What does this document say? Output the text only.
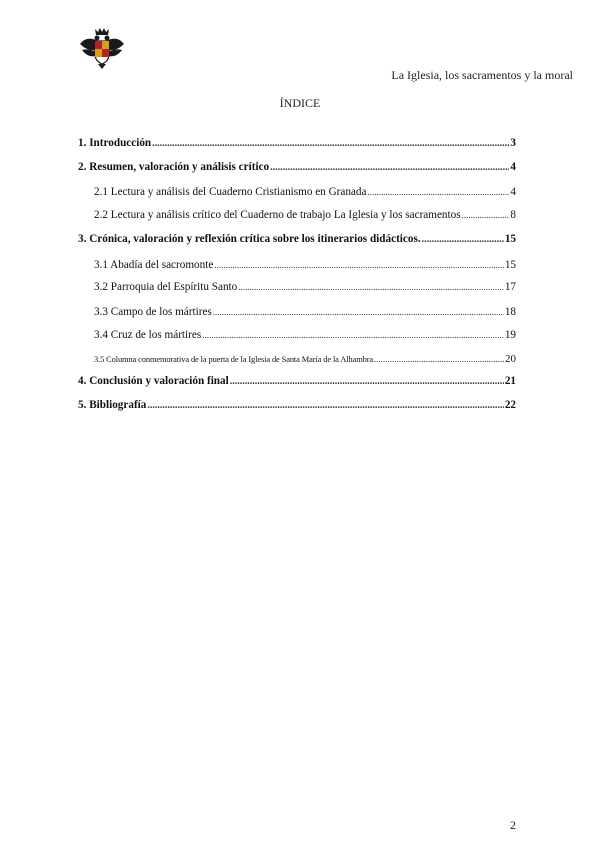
La Iglesia, los sacramentos y la moral
ÍNDICE
1. Introducción .....	3
2. Resumen, valoración y análisis crítico .....	4
2.1 Lectura y análisis del Cuaderno Cristianismo en Granada .....	4
2.2 Lectura y análisis crítico del Cuaderno de trabajo La Iglesia y los sacramentos .....	8
3. Crónica, valoración y reflexión crítica sobre los itinerarios didácticos. .....	15
3.1 Abadía del sacromonte .....	15
3.2 Parroquia del Espíritu Santo .....	17
3.3 Campo de los mártires .....	18
3.4 Cruz de los mártires .....	19
3.5 Columna conmemorativa de la puerta de la Iglesia de Santa María de la Alhambra .....	20
4. Conclusión y valoración final .....	21
5. Bibliografía .....	22
2
